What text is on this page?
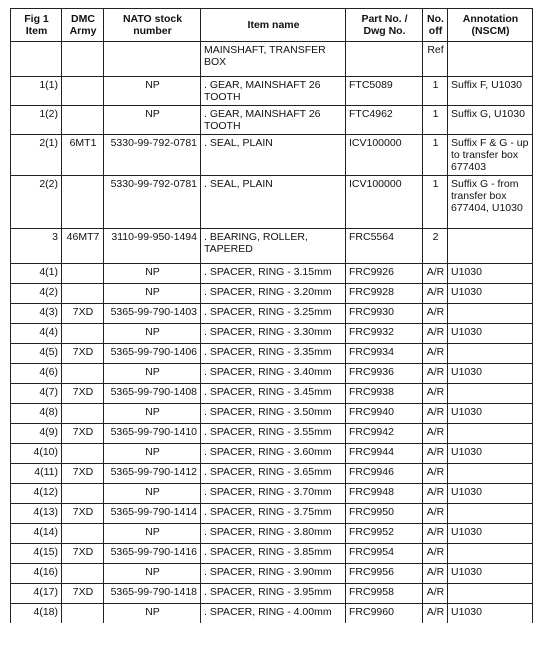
Fig 1 Item	DMC Army	NATO stock number	Item name	Part No. / Dwg No.	No. off	Annotation (NSCM)
			MAINSHAFT, TRANSFER BOX		Ref	
1(1)		NP	. GEAR, MAINSHAFT 26 TOOTH	FTC5089	1	Suffix F, U1030
1(2)		NP	. GEAR, MAINSHAFT 26 TOOTH	FTC4962	1	Suffix G, U1030
2(1)	6MT1	5330-99-792-0781	. SEAL, PLAIN	ICV100000	1	Suffix F & G - up to transfer box 677403
2(2)		5330-99-792-0781	. SEAL, PLAIN	ICV100000	1	Suffix G - from transfer box 677404, U1030
3	46MT7	3110-99-950-1494	. BEARING, ROLLER, TAPERED	FRC5564	2	
4(1)		NP	. SPACER, RING - 3.15mm	FRC9926	A/R	U1030
4(2)		NP	. SPACER, RING - 3.20mm	FRC9928	A/R	U1030
4(3)	7XD	5365-99-790-1403	. SPACER, RING - 3.25mm	FRC9930	A/R	
4(4)		NP	. SPACER, RING - 3.30mm	FRC9932	A/R	U1030
4(5)	7XD	5365-99-790-1406	. SPACER, RING - 3.35mm	FRC9934	A/R	
4(6)		NP	. SPACER, RING - 3.40mm	FRC9936	A/R	U1030
4(7)	7XD	5365-99-790-1408	. SPACER, RING - 3.45mm	FRC9938	A/R	
4(8)		NP	. SPACER, RING - 3.50mm	FRC9940	A/R	U1030
4(9)	7XD	5365-99-790-1410	. SPACER, RING - 3.55mm	FRC9942	A/R	
4(10)		NP	. SPACER, RING - 3.60mm	FRC9944	A/R	U1030
4(11)	7XD	5365-99-790-1412	. SPACER, RING - 3.65mm	FRC9946	A/R	
4(12)		NP	. SPACER, RING - 3.70mm	FRC9948	A/R	U1030
4(13)	7XD	5365-99-790-1414	. SPACER, RING - 3.75mm	FRC9950	A/R	
4(14)		NP	. SPACER, RING - 3.80mm	FRC9952	A/R	U1030
4(15)	7XD	5365-99-790-1416	. SPACER, RING - 3.85mm	FRC9954	A/R	
4(16)		NP	. SPACER, RING - 3.90mm	FRC9956	A/R	U1030
4(17)	7XD	5365-99-790-1418	. SPACER, RING - 3.95mm	FRC9958	A/R	
4(18)		NP	. SPACER, RING - 4.00mm	FRC9960	A/R	U1030
